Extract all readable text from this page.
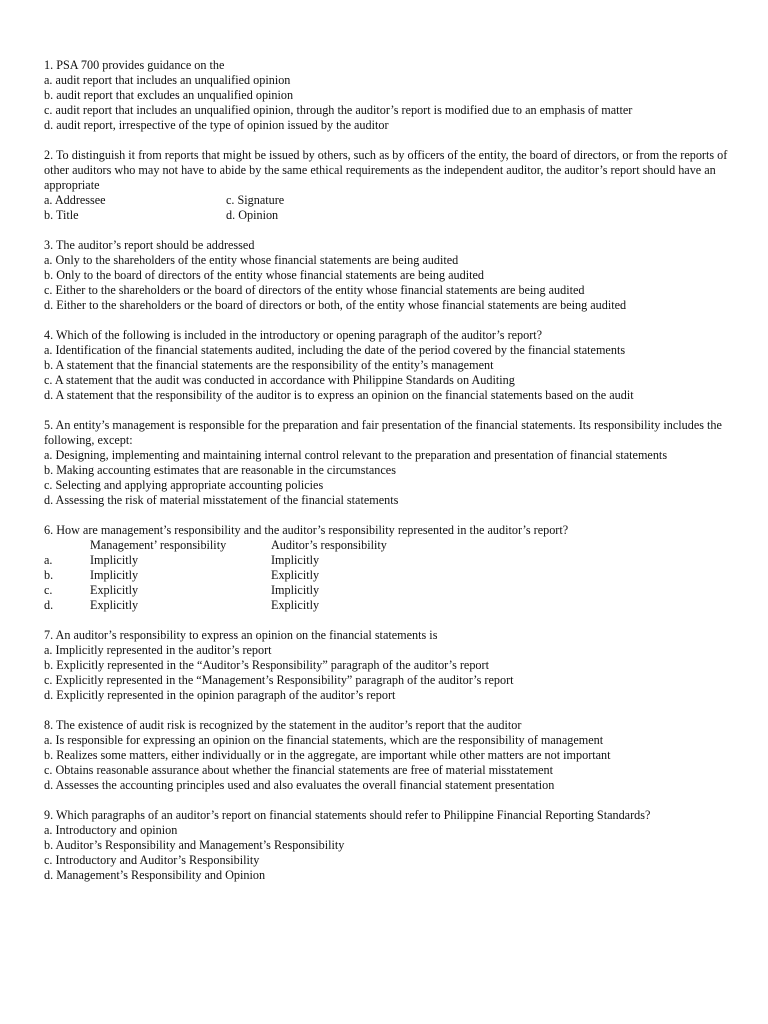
1. PSA 700 provides guidance on the
a. audit report that includes an unqualified opinion
b. audit report that excludes an unqualified opinion
c. audit report that includes an unqualified opinion, through the auditor’s report is modified due to an emphasis of matter
d. audit report, irrespective of the type of opinion issued by the auditor
2. To distinguish it from reports that might be issued by others, such as by officers of the entity, the board of directors, or from the reports of other auditors who may not have to abide by the same ethical requirements as the independent auditor, the auditor’s report should have an appropriate
a. Addressee	c. Signature
b. Title	d. Opinion
3. The auditor’s report should be addressed
a. Only to the shareholders of the entity whose financial statements are being audited
b. Only to the board of directors of the entity whose financial statements are being audited
c. Either to the shareholders or the board of directors of the entity whose financial statements are being audited
d. Either to the shareholders or the board of directors or both, of the entity whose financial statements are being audited
4. Which of the following is included in the introductory or opening paragraph of the auditor’s report?
a. Identification of the financial statements audited, including the date of the period covered by the financial statements
b. A statement that the financial statements are the responsibility of the entity’s management
c. A statement that the audit was conducted in accordance with Philippine Standards on Auditing
d. A statement that the responsibility of the auditor is to express an opinion on the financial statements based on the audit
5. An entity’s management is responsible for the preparation and fair presentation of the financial statements. Its responsibility includes the following, except:
a. Designing, implementing and maintaining internal control relevant to the preparation and presentation of financial statements
b. Making accounting estimates that are reasonable in the circumstances
c. Selecting and applying appropriate accounting policies
d. Assessing the risk of material misstatement of the financial statements
6. How are management’s responsibility and the auditor’s responsibility represented in the auditor’s report?
Management’ responsibility	Auditor’s responsibility
a.	Implicitly	Implicitly
b.	Implicitly	Explicitly
c.	Explicitly	Implicitly
d.	Explicitly	Explicitly
7. An auditor’s responsibility to express an opinion on the financial statements is
a. Implicitly represented in the auditor’s report
b. Explicitly represented in the “Auditor’s Responsibility” paragraph of the auditor’s report
c. Explicitly represented in the “Management’s Responsibility” paragraph of the auditor’s report
d. Explicitly represented in the opinion paragraph of the auditor’s report
8. The existence of audit risk is recognized by the statement in the auditor’s report that the auditor
a. Is responsible for expressing an opinion on the financial statements, which are the responsibility of management
b. Realizes some matters, either individually or in the aggregate, are important while other matters are not important
c. Obtains reasonable assurance about whether the financial statements are free of material misstatement
d. Assesses the accounting principles used and also evaluates the overall financial statement presentation
9. Which paragraphs of an auditor’s report on financial statements should refer to Philippine Financial Reporting Standards?
a. Introductory and opinion
b. Auditor’s Responsibility and Management’s Responsibility
c. Introductory and Auditor’s Responsibility
d. Management’s Responsibility and Opinion
